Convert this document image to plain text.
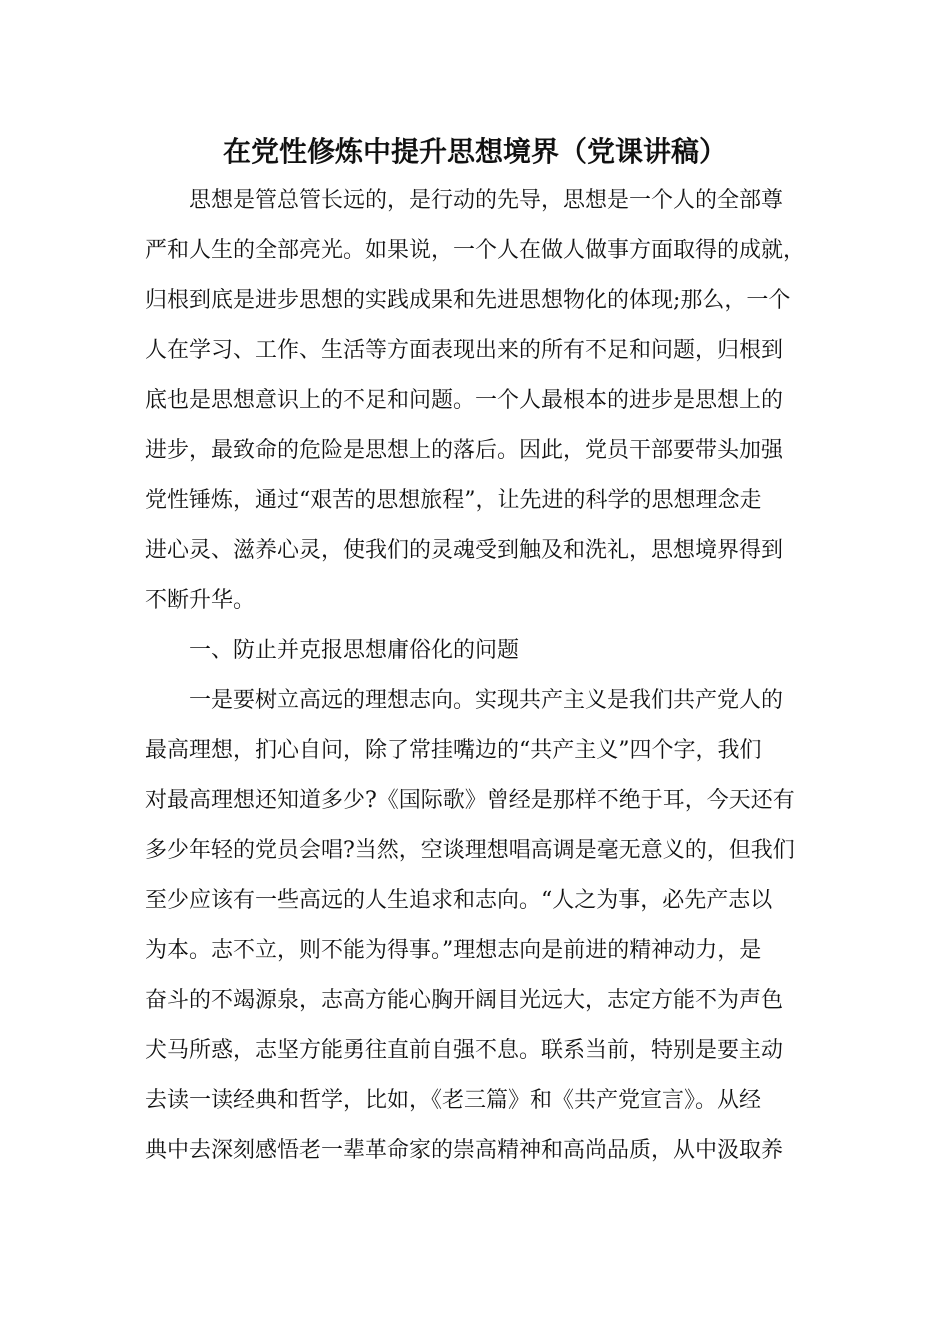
在党性修炼中提升思想境界（党课讲稿）
思想是管总管长远的，是行动的先导，思想是一个人的全部尊
严和人生的全部亮光。如果说，一个人在做人做事方面取得的成就，
归根到底是进步思想的实践成果和先进思想物化的体现;那么，一个
人在学习、工作、生活等方面表现出来的所有不足和问题，归根到
底也是思想意识上的不足和问题。一个人最根本的进步是思想上的
进步，最致命的危险是思想上的落后。因此，党员干部要带头加强
党性锤炼，通过“艰苦的思想旅程”，让先进的科学的思想理念走
进心灵、滋养心灵，使我们的灵魂受到触及和洗礼，思想境界得到
不断升华。
一、防止并克报思想庸俗化的问题
一是要树立高远的理想志向。实现共产主义是我们共产党人的
最高理想，扪心自问，除了常挂嘴边的“共产主义”四个字，我们
对最高理想还知道多少?《国际歌》曾经是那样不绝于耳，今天还有
多少年轻的党员会唱?当然，空谈理想唱高调是毫无意义的，但我们
至少应该有一些高远的人生追求和志向。“人之为事，必先产志以
为本。志不立，则不能为得事。”理想志向是前进的精神动力，是
奋斗的不竭源泉，志高方能心胸开阔目光远大，志定方能不为声色
犬马所惑，志坚方能勇往直前自强不息。联系当前，特别是要主动
去读一读经典和哲学，比如，《老三篇》和《共产党宣言》。从经
典中去深刻感悟老一辈革命家的崇高精神和高尚品质，从中汲取养
